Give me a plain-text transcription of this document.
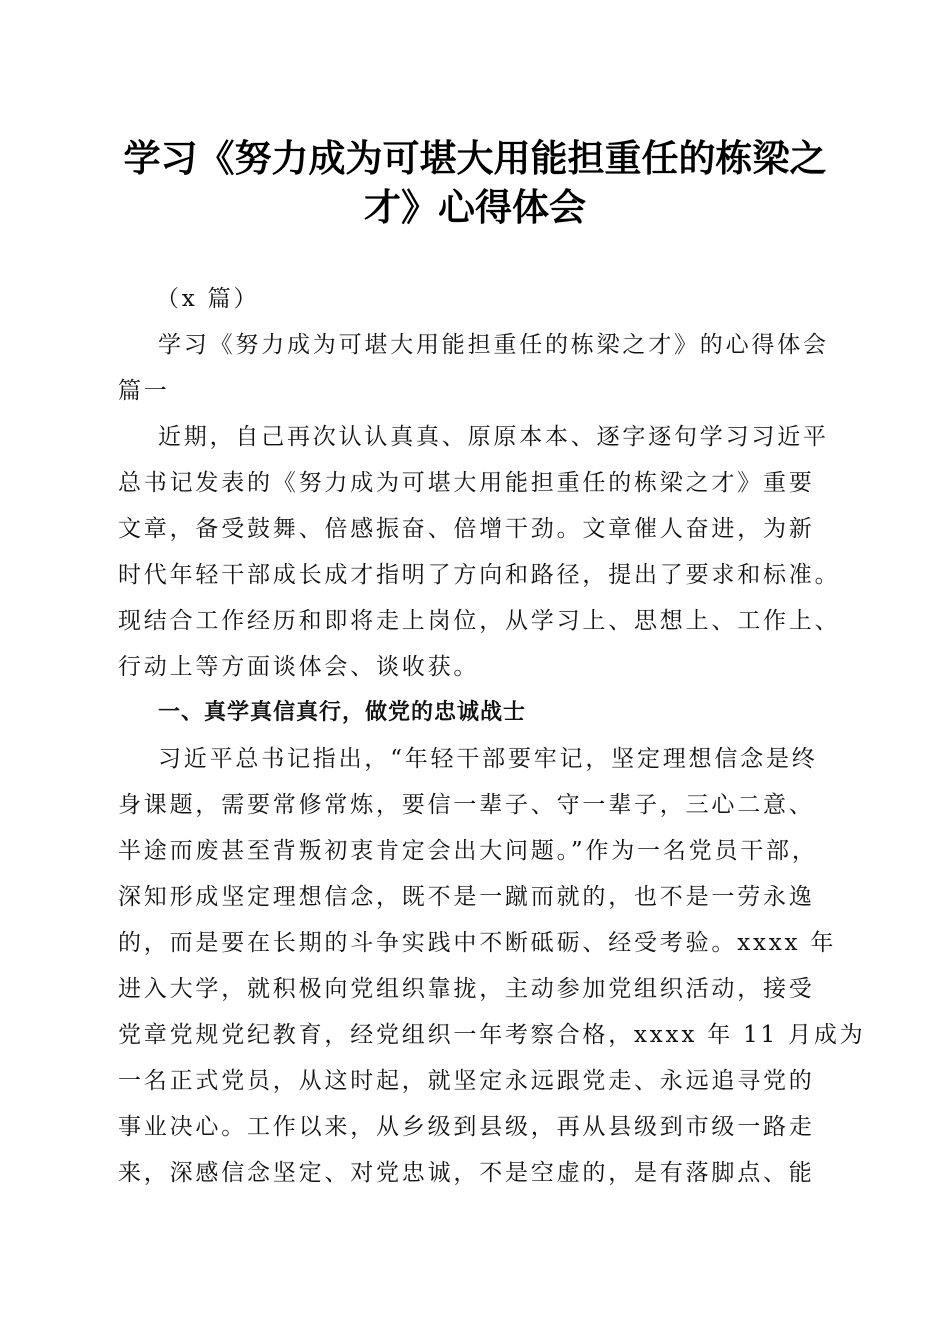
学习《努力成为可堪大用能担重任的栋梁之
才》心得体会

（x 篇）

学习《努力成为可堪大用能担重任的栋梁之才》的心得体会
篇一

近期，自己再次认认真真、原原本本、逐字逐句学习习近平
总书记发表的《努力成为可堪大用能担重任的栋梁之才》重要
文章，备受鼓舞、倍感振奋、倍增干劲。文章催人奋进，为新
时代年轻干部成长成才指明了方向和路径，提出了要求和标准。
现结合工作经历和即将走上岗位，从学习上、思想上、工作上、
行动上等方面谈体会、谈收获。

一、真学真信真行，做党的忠诚战士

习近平总书记指出，“年轻干部要牢记，坚定理想信念是终
身课题，需要常修常炼，要信一辈子、守一辈子，三心二意、
半途而废甚至背叛初衷肯定会出大问题。”作为一名党员干部，
深知形成坚定理想信念，既不是一蹴而就的，也不是一劳永逸
的，而是要在长期的斗争实践中不断砥砺、经受考验。xxxx 年
进入大学，就积极向党组织靠拢，主动参加党组织活动，接受
党章党规党纪教育，经党组织一年考察合格，xxxx 年 11 月成为
一名正式党员，从这时起，就坚定永远跟党走、永远追寻党的
事业决心。工作以来，从乡级到县级，再从县级到市级一路走
来，深感信念坚定、对党忠诚，不是空虚的，是有落脚点、能
